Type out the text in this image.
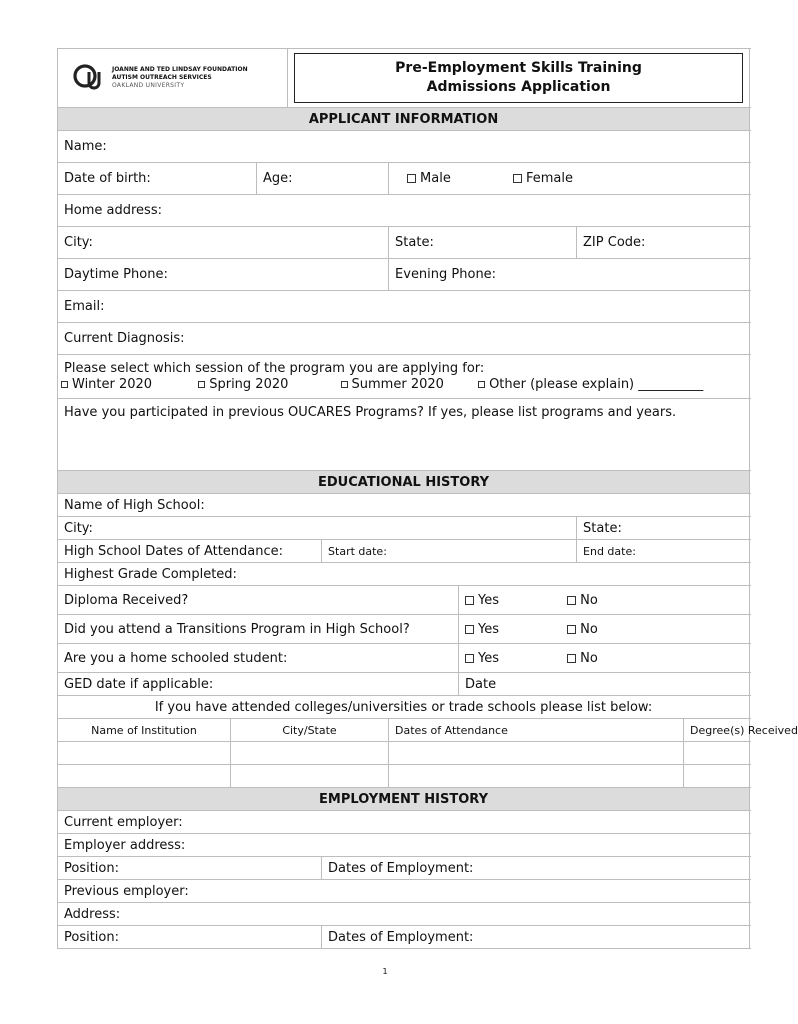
JOANNE AND TED LINDSAY FOUNDATION
AUTISM OUTREACH SERVICES
OAKLAND UNIVERSITY			Pre-Employment Skills Training
Admissions Application					

APPLICANT INFORMATION								
Name:								
Date of birth:		Age:			Male Female			
Home address:								
City:					State:		ZIP Code:	
Daytime Phone:					Evening Phone:			
Email:								
Current Diagnosis:								

Please select which session of the program you are applying for:
Winter 2020 Spring 2020 Summer 2020 Other (please explain) __________								

Have you participated in previous OUCARES Programs? If yes, please list programs and years.								
EDUCATIONAL HISTORY								
Name of High School:								
City:							State:	
High School Dates of Attendance:				Start date:			End date:	
Highest Grade Completed:								
Diploma Received?						Yes No		
Did you attend a Transitions Program in High School?						Yes No		
Are you a home schooled student:						Yes No		
GED date if applicable:						Date		
If you have attended colleges/universities or trade schools please list below:								
Name of Institution	City/State				Dates of Attendance			Degree(s) Received

EMPLOYMENT HISTORY								
Current employer:								
Employer address:								
Position:				Dates of Employment:				
Previous employer:								
Address:								
Position:				Dates of Employment:				
1
